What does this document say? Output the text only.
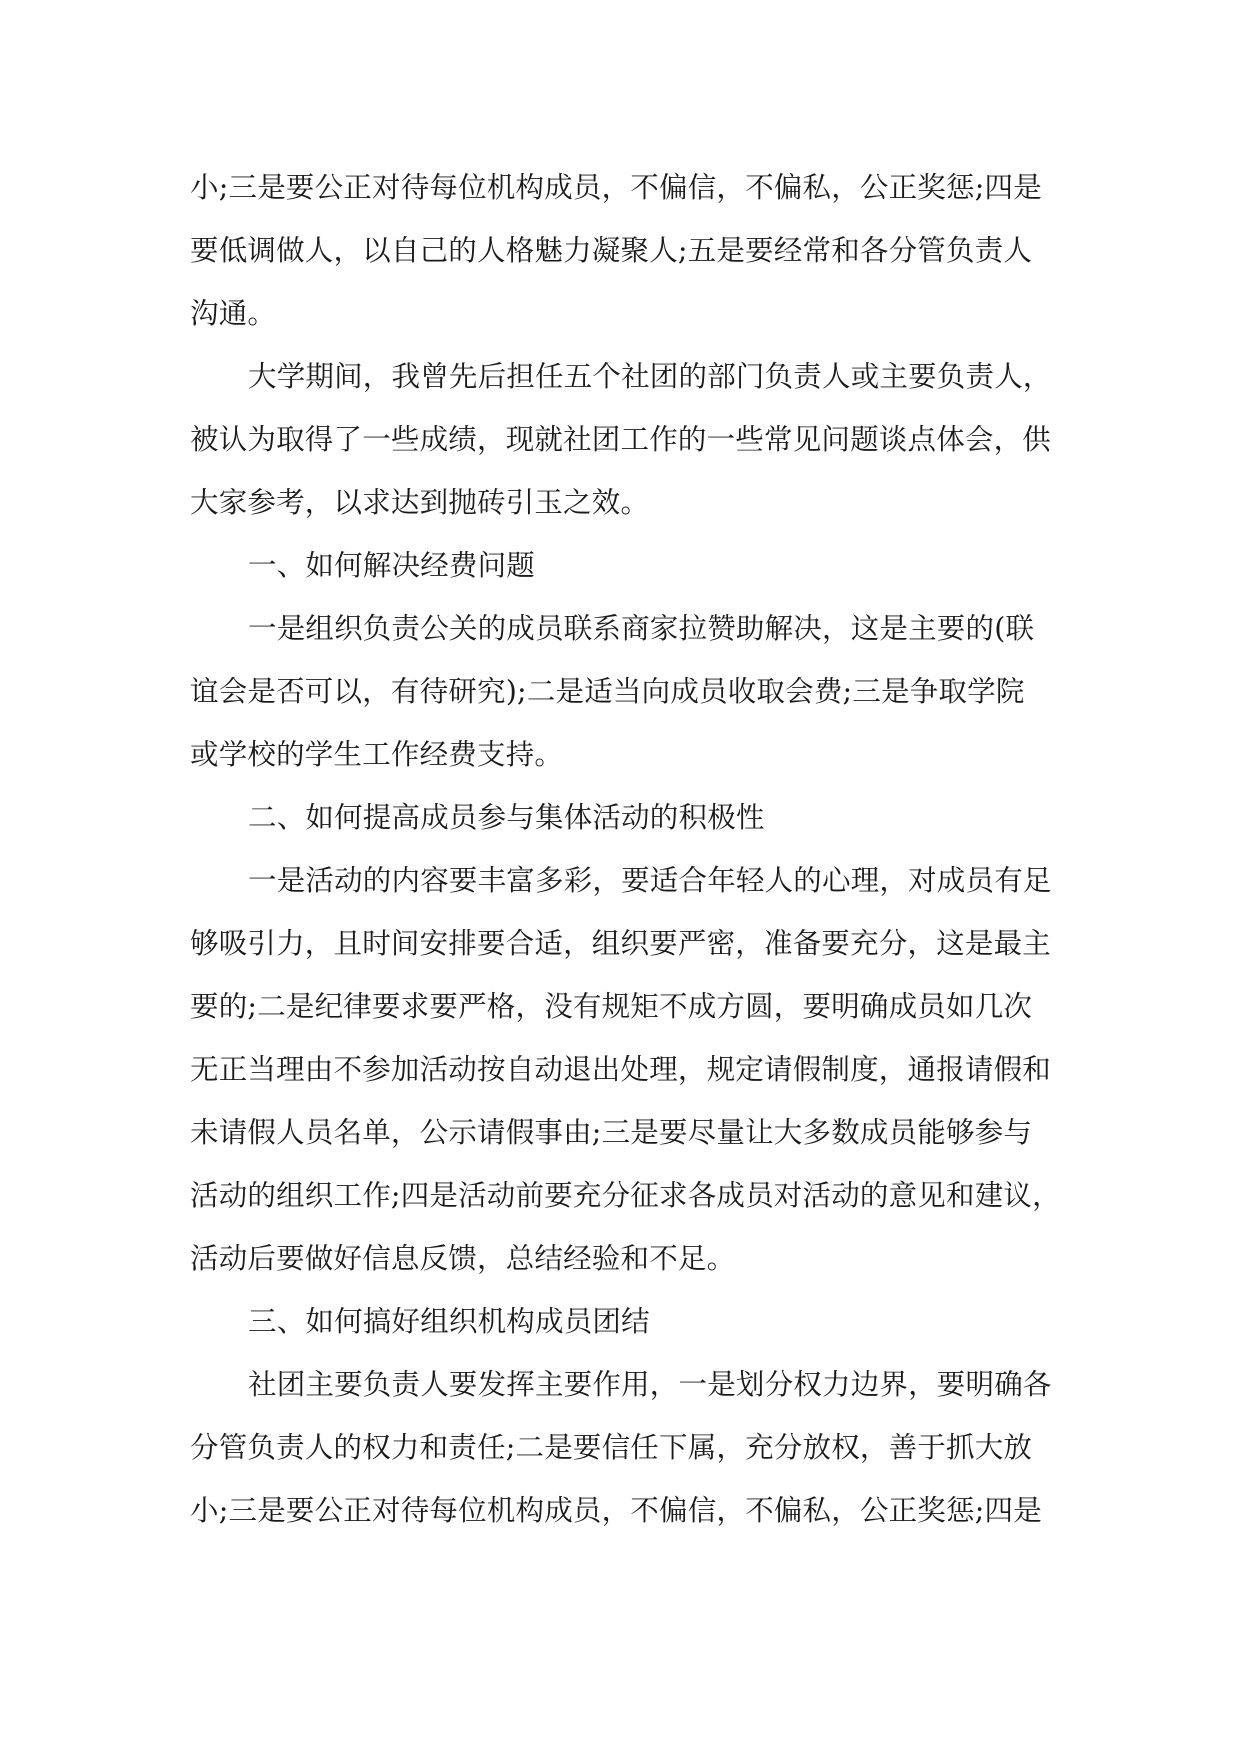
小;三是要公正对待每位机构成员，不偏信，不偏私，公正奖惩;四是
要低调做人，以自己的人格魅力凝聚人;五是要经常和各分管负责人
沟通。
大学期间，我曾先后担任五个社团的部门负责人或主要负责人，
被认为取得了一些成绩，现就社团工作的一些常见问题谈点体会，供
大家参考，以求达到抛砖引玉之效。
一、如何解决经费问题
一是组织负责公关的成员联系商家拉赞助解决，这是主要的(联
谊会是否可以，有待研究);二是适当向成员收取会费;三是争取学院
或学校的学生工作经费支持。
二、如何提高成员参与集体活动的积极性
一是活动的内容要丰富多彩，要适合年轻人的心理，对成员有足
够吸引力，且时间安排要合适，组织要严密，准备要充分，这是最主
要的;二是纪律要求要严格，没有规矩不成方圆，要明确成员如几次
无正当理由不参加活动按自动退出处理，规定请假制度，通报请假和
未请假人员名单，公示请假事由;三是要尽量让大多数成员能够参与
活动的组织工作;四是活动前要充分征求各成员对活动的意见和建议，
活动后要做好信息反馈，总结经验和不足。
三、如何搞好组织机构成员团结
社团主要负责人要发挥主要作用，一是划分权力边界，要明确各
分管负责人的权力和责任;二是要信任下属，充分放权，善于抓大放
小;三是要公正对待每位机构成员，不偏信，不偏私，公正奖惩;四是
